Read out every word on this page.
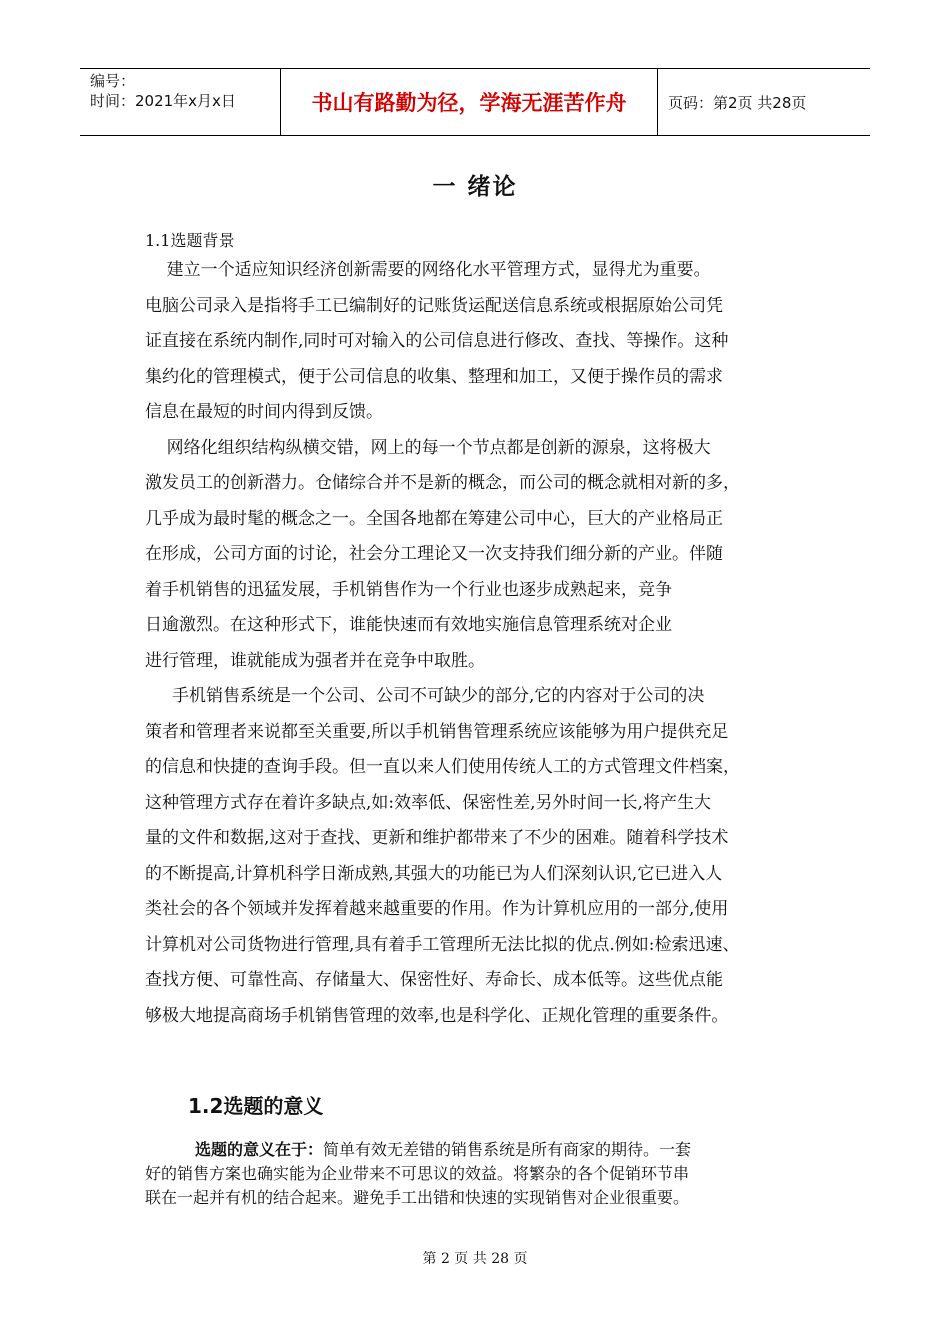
编号：
时间：2021年x月x日	书山有路勤为径，学海无涯苦作舟	页码：第2页 共28页
一 绪论
1.1选题背景
建立一个适应知识经济创新需要的网络化水平管理方式，显得尤为重要。
电脑公司录入是指将手工已编制好的记账货运配送信息系统或根据原始公司凭
证直接在系统内制作,同时可对输入的公司信息进行修改、查找、等操作。这种
集约化的管理模式，便于公司信息的收集、整理和加工，又便于操作员的需求
信息在最短的时间内得到反馈。
网络化组织结构纵横交错，网上的每一个节点都是创新的源泉，这将极大
激发员工的创新潜力。仓储综合并不是新的概念，而公司的概念就相对新的多，
几乎成为最时髦的概念之一。全国各地都在筹建公司中心，巨大的产业格局正
在形成，公司方面的讨论，社会分工理论又一次支持我们细分新的产业。伴随
着手机销售的迅猛发展，手机销售作为一个行业也逐步成熟起来，竞争
日逾激烈。在这种形式下，谁能快速而有效地实施信息管理系统对企业
进行管理，谁就能成为强者并在竞争中取胜。
手机销售系统是一个公司、公司不可缺少的部分,它的内容对于公司的决
策者和管理者来说都至关重要,所以手机销售管理系统应该能够为用户提供充足
的信息和快捷的查询手段。但一直以来人们使用传统人工的方式管理文件档案，
这种管理方式存在着许多缺点,如:效率低、保密性差,另外时间一长,将产生大
量的文件和数据,这对于查找、更新和维护都带来了不少的困难。随着科学技术
的不断提高,计算机科学日渐成熟,其强大的功能已为人们深刻认识,它已进入人
类社会的各个领域并发挥着越来越重要的作用。作为计算机应用的一部分,使用
计算机对公司货物进行管理,具有着手工管理所无法比拟的优点.例如:检索迅速、
查找方便、可靠性高、存储量大、保密性好、寿命长、成本低等。这些优点能
够极大地提高商场手机销售管理的效率,也是科学化、正规化管理的重要条件。
1.2选题的意义
选题的意义在于：简单有效无差错的销售系统是所有商家的期待。一套
好的销售方案也确实能为企业带来不可思议的效益。将繁杂的各个促销环节串
联在一起并有机的结合起来。避免手工出错和快速的实现销售对企业很重要。
第 2 页 共 28 页
